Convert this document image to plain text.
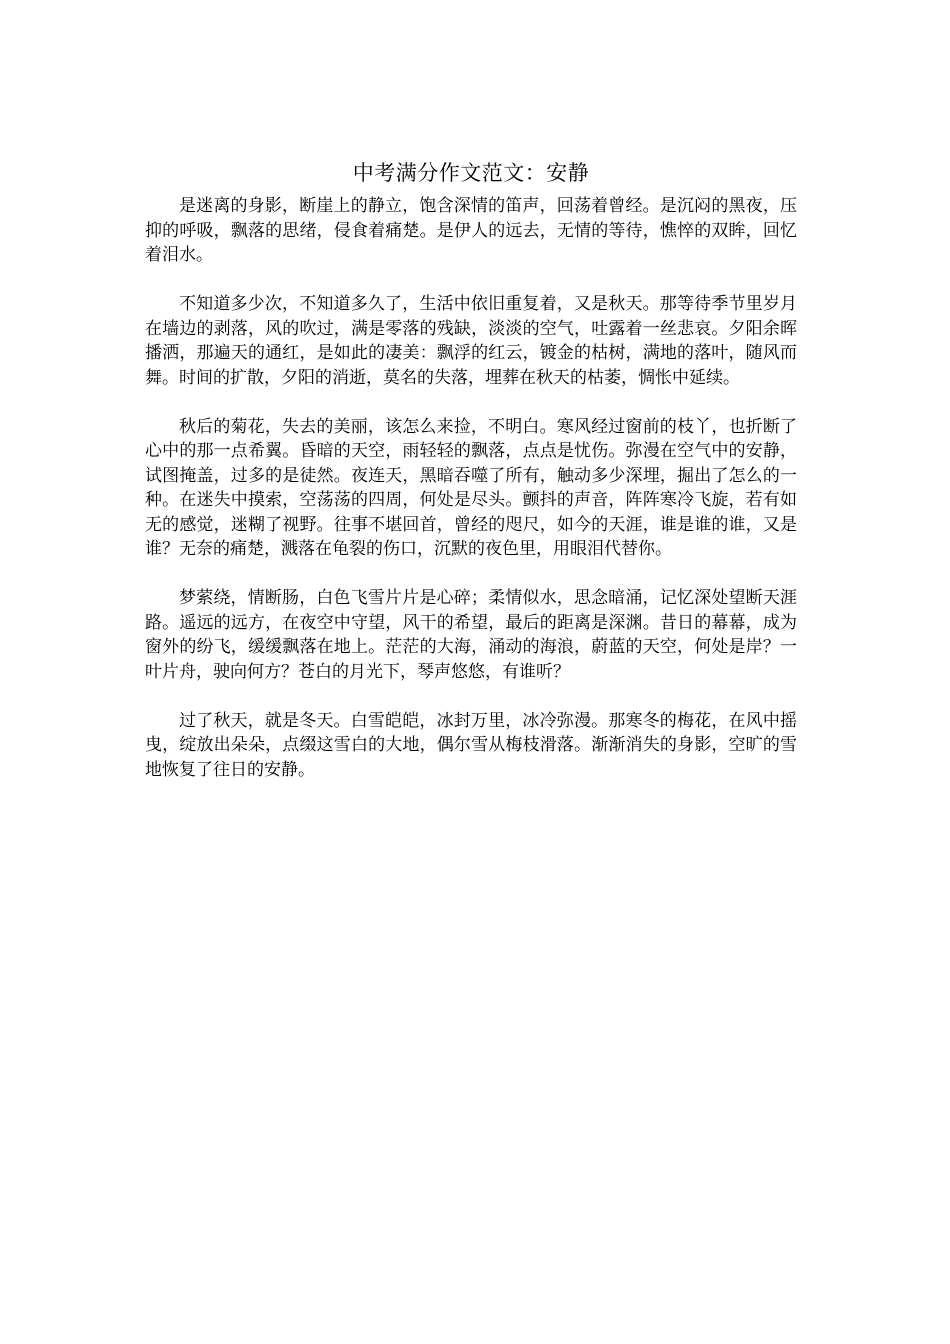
中考满分作文范文：安静

是迷离的身影，断崖上的静立，饱含深情的笛声，回荡着曾经。是沉闷的黑夜，压抑的呼吸，飘落的思绪，侵食着痛楚。是伊人的远去，无情的等待，憔悴的双眸，回忆着泪水。

不知道多少次，不知道多久了，生活中依旧重复着，又是秋天。那等待季节里岁月在墙边的剥落，风的吹过，满是零落的残缺，淡淡的空气，吐露着一丝悲哀。夕阳余晖播洒，那遍天的通红，是如此的凄美：飘浮的红云，镀金的枯树，满地的落叶，随风而舞。时间的扩散，夕阳的消逝，莫名的失落，埋葬在秋天的枯萎，惆怅中延续。

秋后的菊花，失去的美丽，该怎么来捡，不明白。寒风经过窗前的枝丫，也折断了心中的那一点希翼。昏暗的天空，雨轻轻的飘落，点点是忧伤。弥漫在空气中的安静，试图掩盖，过多的是徒然。夜连天，黑暗吞噬了所有，触动多少深埋，掘出了怎么的一种。在迷失中摸索，空荡荡的四周，何处是尽头。颤抖的声音，阵阵寒冷飞旋，若有如无的感觉，迷糊了视野。往事不堪回首，曾经的咫尺，如今的天涯，谁是谁的谁，又是谁？无奈的痛楚，溅落在龟裂的伤口，沉默的夜色里，用眼泪代替你。

梦萦绕，情断肠，白色飞雪片片是心碎；柔情似水，思念暗涌，记忆深处望断天涯路。遥远的远方，在夜空中守望，风干的希望，最后的距离是深渊。昔日的幕幕，成为窗外的纷飞，缓缓飘落在地上。茫茫的大海，涌动的海浪，蔚蓝的天空，何处是岸？一叶片舟，驶向何方？苍白的月光下，琴声悠悠，有谁听？

过了秋天，就是冬天。白雪皑皑，冰封万里，冰冷弥漫。那寒冬的梅花，在风中摇曳，绽放出朵朵，点缀这雪白的大地，偶尔雪从梅枝滑落。渐渐消失的身影，空旷的雪地恢复了往日的安静。
